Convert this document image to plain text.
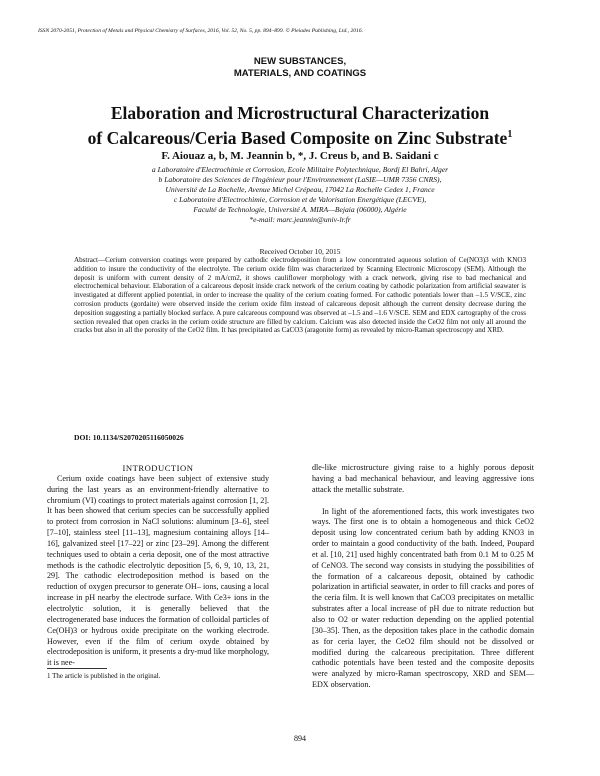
ISSN 2070-2051, Protection of Metals and Physical Chemistry of Surfaces, 2016, Vol. 52, No. 5, pp. 894–899. © Pleiades Publishing, Ltd., 2016.
NEW SUBSTANCES,
MATERIALS, AND COATINGS
Elaboration and Microstructural Characterization
of Calcareous/Ceria Based Composite on Zinc Substrate$^1$
F. Aiouaz a, b, M. Jeannin b, *, J. Creus b, and B. Saidani c
a Laboratoire d'Electrochimie et Corrosion, Ecole Militaire Polytechnique, Bordj El Bahri, Alger
b Laboratoire des Sciences de l'Ingénieur pour l'Environnement (LaSIE—UMR 7356 CNRS),
Université de La Rochelle, Avenue Michel Crépeau, 17042 La Rochelle Cedex 1, France
c Laboratoire d'Electrochimie, Corrosion et de Valorisation Energétique (LECVE),
Faculté de Technologie, Université A. MIRA—Bejaia (06000), Algérie
*e-mail: marc.jeannin@univ-lr.fr
Received October 10, 2015
Abstract—Cerium conversion coatings were prepared by cathodic electrodeposition from a low concentrated aqueous solution of Ce(NO3)3 with KNO3 addition to insure the conductivity of the electrolyte. The cerium oxide film was characterized by Scanning Electronic Microscopy (SEM). Although the deposit is uniform with current density of 2 mA/cm2, it shows cauliflower morphology with a crack network, giving rise to bad mechanical and electrochemical behaviour. Elaboration of a calcareous deposit inside crack network of the cerium coating by cathodic polarization from artificial seawater is investigated at different applied potential, in order to increase the quality of the cerium coating formed. For cathodic potentials lower than –1.5 V/SCE, zinc corrosion products (gordaite) were observed inside the cerium oxide film instead of calcareous deposit although the current density decrease during the deposition suggesting a partially blocked surface. A pure calcareous compound was observed at –1.5 and –1.6 V/SCE. SEM and EDX cartography of the cross section revealed that open cracks in the cerium oxide structure are filled by calcium. Calcium was also detected inside the CeO2 film not only all around the cracks but also in all the porosity of the CeO2 film. It has precipitated as CaCO3 (aragonite form) as revealed by micro-Raman spectroscopy and XRD.
DOI: 10.1134/S2070205116050026

INTRODUCTION

Cerium oxide coatings have been subject of extensive study during the last years as an environment-friendly alternative to chromium (VI) coatings to protect materials against corrosion [1, 2]. It has been showed that cerium species can be successfully applied to protect from corrosion in NaCl solutions: aluminum [3–6], steel [7–10], stainless steel [11–13], magnesium containing alloys [14–16], galvanized steel [17–22] or zinc [23–29]. Among the different techniques used to obtain a ceria deposit, one of the most attractive methods is the cathodic electrolytic deposition [5, 6, 9, 10, 13, 21, 29]. The cathodic electrodeposition method is based on the reduction of oxygen precursor to generate OH– ions, causing a local increase in pH nearby the electrode surface. With Ce3+ ions in the electrolytic solution, it is generally believed that the electrogenerated base induces the formation of colloidal particles of Ce(OH)3 or hydrous oxide precipitate on the working electrode. However, even if the film of cerium oxyde obtained by electrodeposition is uniform, it presents a dry-mud like morphology, it is nee-

dle-like microstructure giving raise to a highly porous deposit having a bad mechanical behaviour, and leaving aggressive ions attack the metallic substrate.

In light of the aforementioned facts, this work investigates two ways. The first one is to obtain a homogeneous and thick CeO2 deposit using low concentrated cerium bath by adding KNO3 in order to maintain a good conductivity of the bath. Indeed, Poupard et al. [10, 21] used highly concentrated bath from 0.1 M to 0.25 M of CeNO3. The second way consists in studying the possibilities of the formation of a calcareous deposit, obtained by cathodic polarization in artificial seawater, in order to fill cracks and pores of the ceria film. It is well known that CaCO3 precipitates on metallic substrates after a local increase of pH due to nitrate reduction but also to O2 or water reduction depending on the applied potential [30–35]. Then, as the deposition takes place in the cathodic domain as for ceria layer, the CeO2 film should not be dissolved or modified during the calcareous precipitation. Three different cathodic potentials have been tested and the composite deposits were analyzed by micro-Raman spectroscopy, XRD and SEM—EDX observation.

1 The article is published in the original.
894
